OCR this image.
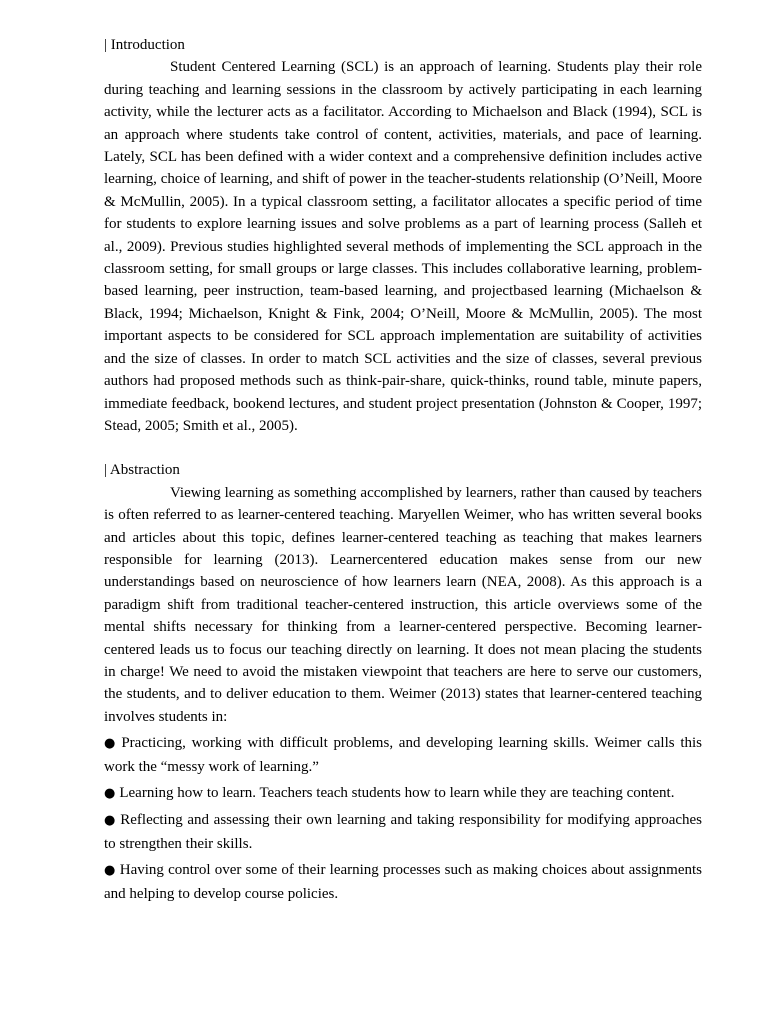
| Introduction

Student Centered Learning (SCL) is an approach of learning. Students play their role during teaching and learning sessions in the classroom by actively participating in each learning activity, while the lecturer acts as a facilitator. According to Michaelson and Black (1994), SCL is an approach where students take control of content, activities, materials, and pace of learning. Lately, SCL has been defined with a wider context and a comprehensive definition includes active learning, choice of learning, and shift of power in the teacher-students relationship (O’Neill, Moore & McMullin, 2005). In a typical classroom setting, a facilitator allocates a specific period of time for students to explore learning issues and solve problems as a part of learning process (Salleh et al., 2009). Previous studies highlighted several methods of implementing the SCL approach in the classroom setting, for small groups or large classes. This includes collaborative learning, problem-based learning, peer instruction, team-based learning, and projectbased learning (Michaelson & Black, 1994; Michaelson, Knight & Fink, 2004; O’Neill, Moore & McMullin, 2005). The most important aspects to be considered for SCL approach implementation are suitability of activities and the size of classes. In order to match SCL activities and the size of classes, several previous authors had proposed methods such as think-pair-share, quick-thinks, round table, minute papers, immediate feedback, bookend lectures, and student project presentation (Johnston & Cooper, 1997; Stead, 2005; Smith et al., 2005).

| Abstraction

Viewing learning as something accomplished by learners, rather than caused by teachers is often referred to as learner-centered teaching. Maryellen Weimer, who has written several books and articles about this topic, defines learner-centered teaching as teaching that makes learners responsible for learning (2013). Learnercentered education makes sense from our new understandings based on neuroscience of how learners learn (NEA, 2008). As this approach is a paradigm shift from traditional teacher-centered instruction, this article overviews some of the mental shifts necessary for thinking from a learner-centered perspective. Becoming learner-centered leads us to focus our teaching directly on learning. It does not mean placing the students in charge! We need to avoid the mistaken viewpoint that teachers are here to serve our customers, the students, and to deliver education to them. Weimer (2013) states that learner-centered teaching involves students in:

● Practicing, working with difficult problems, and developing learning skills. Weimer calls this work the “messy work of learning.”
● Learning how to learn. Teachers teach students how to learn while they are teaching content.
● Reflecting and assessing their own learning and taking responsibility for modifying approaches to strengthen their skills.
● Having control over some of their learning processes such as making choices about assignments and helping to develop course policies.
